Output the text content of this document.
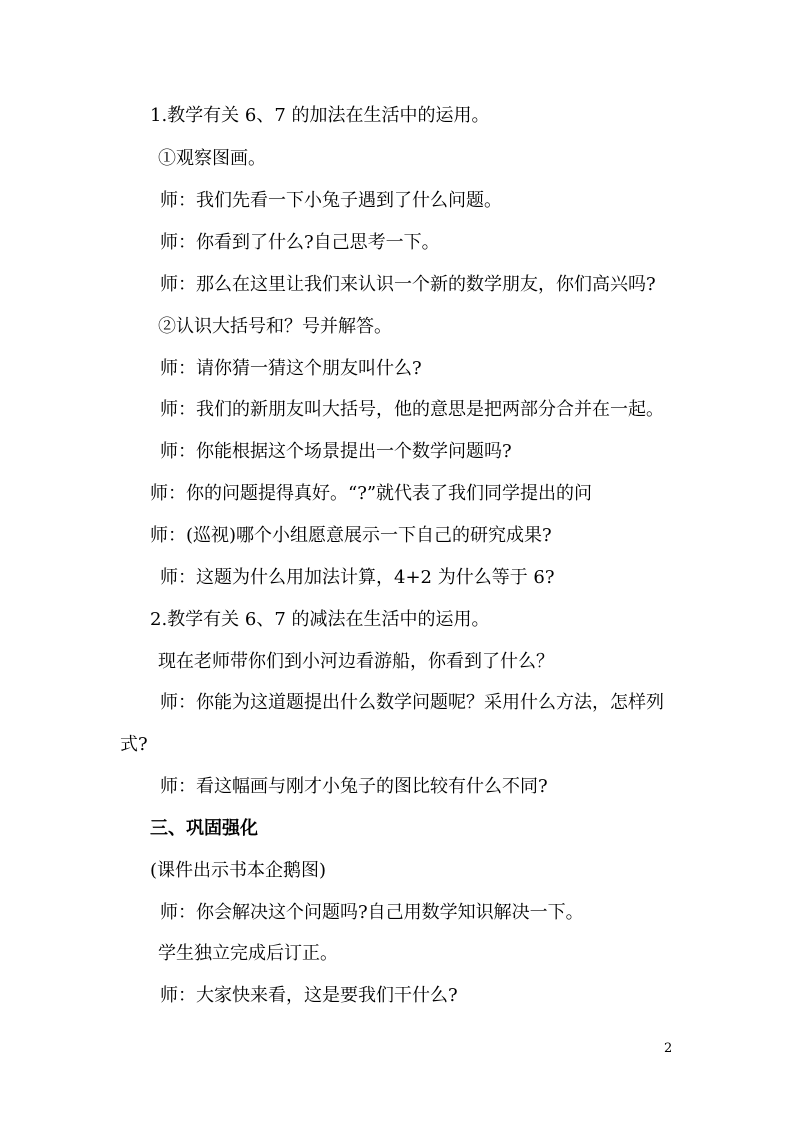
1.教学有关 6、7 的加法在生活中的运用。
①观察图画。
师：我们先看一下小兔子遇到了什么问题。
师：你看到了什么?自己思考一下。
师：那么在这里让我们来认识一个新的数学朋友，你们高兴吗?
②认识大括号和？号并解答。
师：请你猜一猜这个朋友叫什么?
师：我们的新朋友叫大括号，他的意思是把两部分合并在一起。
师：你能根据这个场景提出一个数学问题吗?
师：你的问题提得真好。“?”就代表了我们同学提出的问
师：(巡视)哪个小组愿意展示一下自己的研究成果?
师：这题为什么用加法计算，4+2 为什么等于 6?
2.教学有关 6、7 的减法在生活中的运用。
现在老师带你们到小河边看游船，你看到了什么？
师：你能为这道题提出什么数学问题呢？采用什么方法，怎样列
式?
师：看这幅画与刚才小兔子的图比较有什么不同?
三、巩固强化
(课件出示书本企鹅图)
师：你会解决这个问题吗?自己用数学知识解决一下。
学生独立完成后订正。
师：大家快来看，这是要我们干什么?
2
